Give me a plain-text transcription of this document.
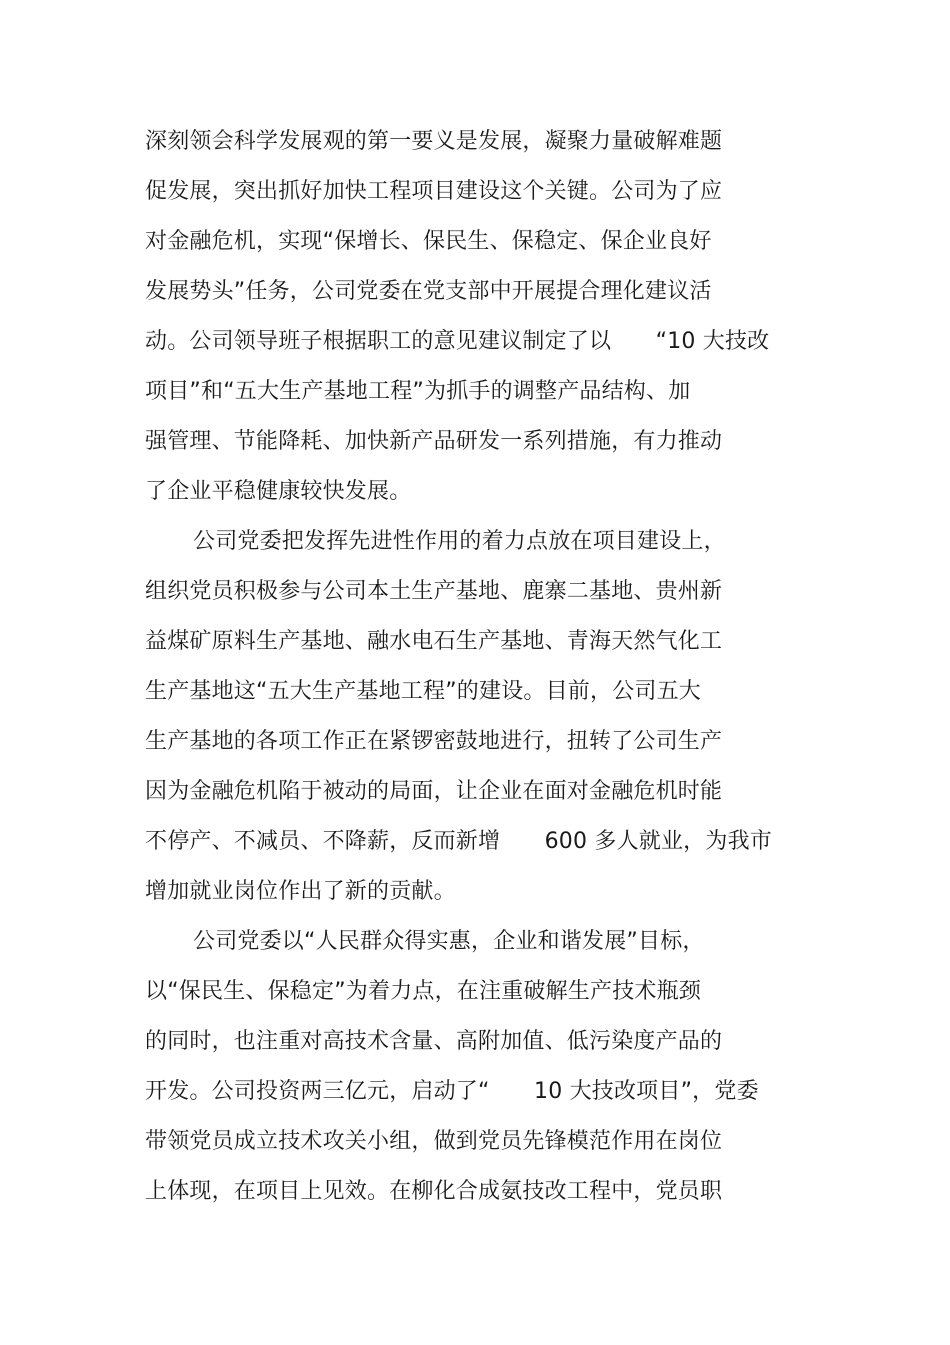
深刻领会科学发展观的第一要义是发展，凝聚力量破解难题
促发展，突出抓好加快工程项目建设这个关键。公司为了应
对金融危机，实现“保增长、保民生、保稳定、保企业良好
发展势头”任务，公司党委在党支部中开展提合理化建议活
动。公司领导班子根据职工的意见建议制定了以　　“10 大技改
项目”和“五大生产基地工程”为抓手的调整产品结构、加
强管理、节能降耗、加快新产品研发一系列措施，有力推动
了企业平稳健康较快发展。
公司党委把发挥先进性作用的着力点放在项目建设上，
组织党员积极参与公司本土生产基地、鹿寨二基地、贵州新
益煤矿原料生产基地、融水电石生产基地、青海天然气化工
生产基地这“五大生产基地工程”的建设。目前，公司五大
生产基地的各项工作正在紧锣密鼓地进行，扭转了公司生产
因为金融危机陷于被动的局面，让企业在面对金融危机时能
不停产、不减员、不降薪，反而新增　　600 多人就业，为我市
增加就业岗位作出了新的贡献。
公司党委以“人民群众得实惠，企业和谐发展”目标，
以“保民生、保稳定”为着力点，在注重破解生产技术瓶颈
的同时，也注重对高技术含量、高附加值、低污染度产品的
开发。公司投资两三亿元，启动了“　　10 大技改项目”，党委
带领党员成立技术攻关小组，做到党员先锋模范作用在岗位
上体现，在项目上见效。在柳化合成氨技改工程中，党员职
